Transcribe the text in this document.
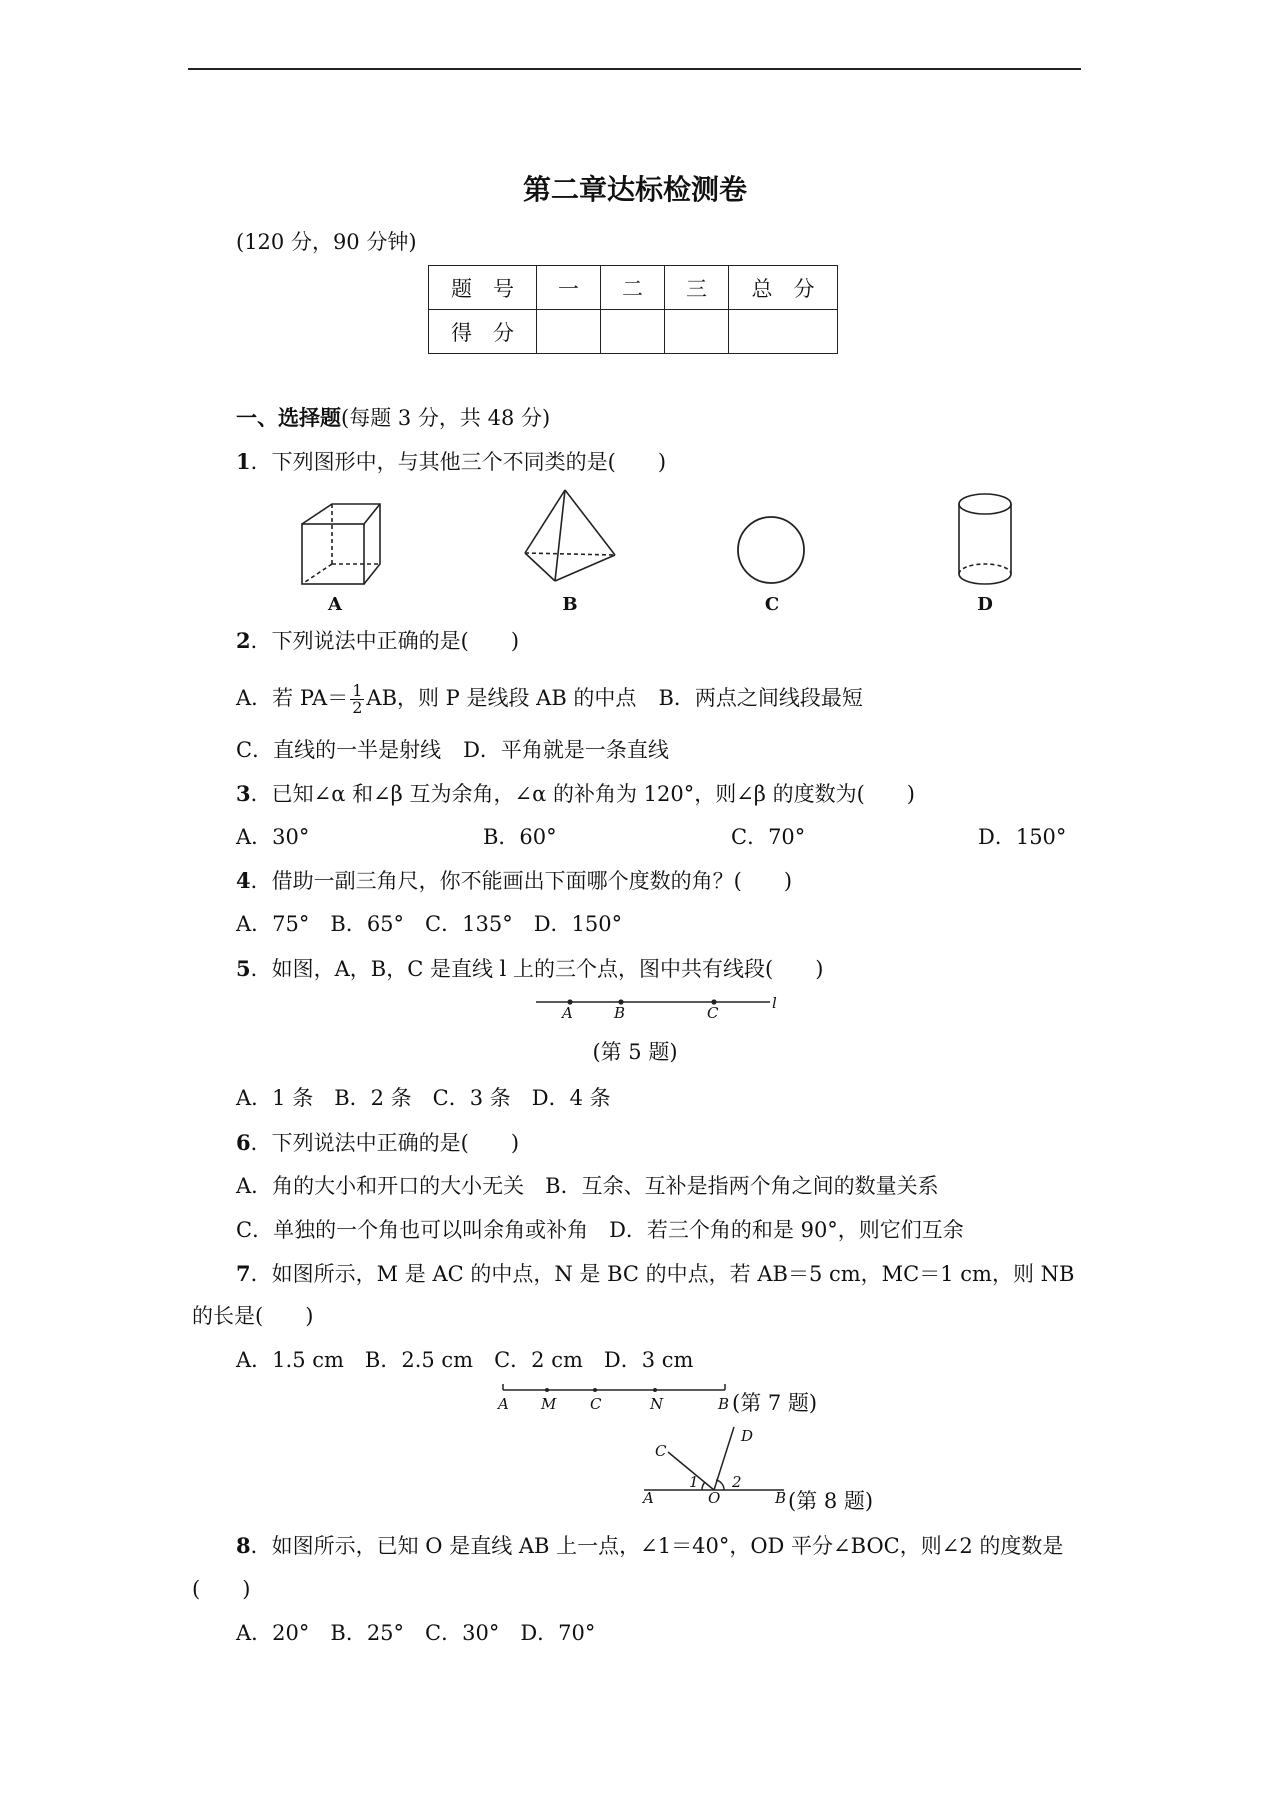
第二章达标检测卷
(120 分，90 分钟)
题　号	一	二	三	总　分
得　分				
一、选择题(每题 3 分，共 48 分)
1．下列图形中，与其他三个不同类的是(　　)
A	B	C	D
2．下列说法中正确的是(　　)
A．若 $PA= \frac{1}{2}$ AB，则 P 是线段 AB 的中点 B．两点之间线段最短
C．直线的一半是射线 D．平角就是一条直线
3．已知∠α 和∠β 互为余角，∠α 的补角为 120°，则∠β 的度数为(　　)
A．30°	B．60°	C．70°	D．150°
4．借助一副三角尺，你不能画出下面哪个度数的角？(　　)
A．75°　B．65°　C．135°　D．150°
5．如图，A，B，C 是直线 l 上的三个点，图中共有线段(　　)
A	B	C
l
(第 5 题)
A．1 条　B．2 条　C．3 条　D．4 条
6．下列说法中正确的是(　　)
A．角的大小和开口的大小无关　B．互余、互补是指两个角之间的数量关系
C．单独的一个角也可以叫余角或补角　D．若三个角的和是 90°，则它们互余
7．如图所示，M 是 AC 的中点，N 是 BC 的中点，若 AB＝5 cm，MC＝1 cm，则 NB
的长是(　　)
A．1.5 cm　B．2.5 cm　C．2 cm　D．3 cm
A M C	N	B (第 7 题)
A	O	B
C
D
1 2
(第 8 题)
8．如图所示，已知 O 是直线 AB 上一点，∠1＝40°，OD 平分∠BOC，则∠2 的度数是
(　　)
A．20°　B．25°　C．30°　D．70°
